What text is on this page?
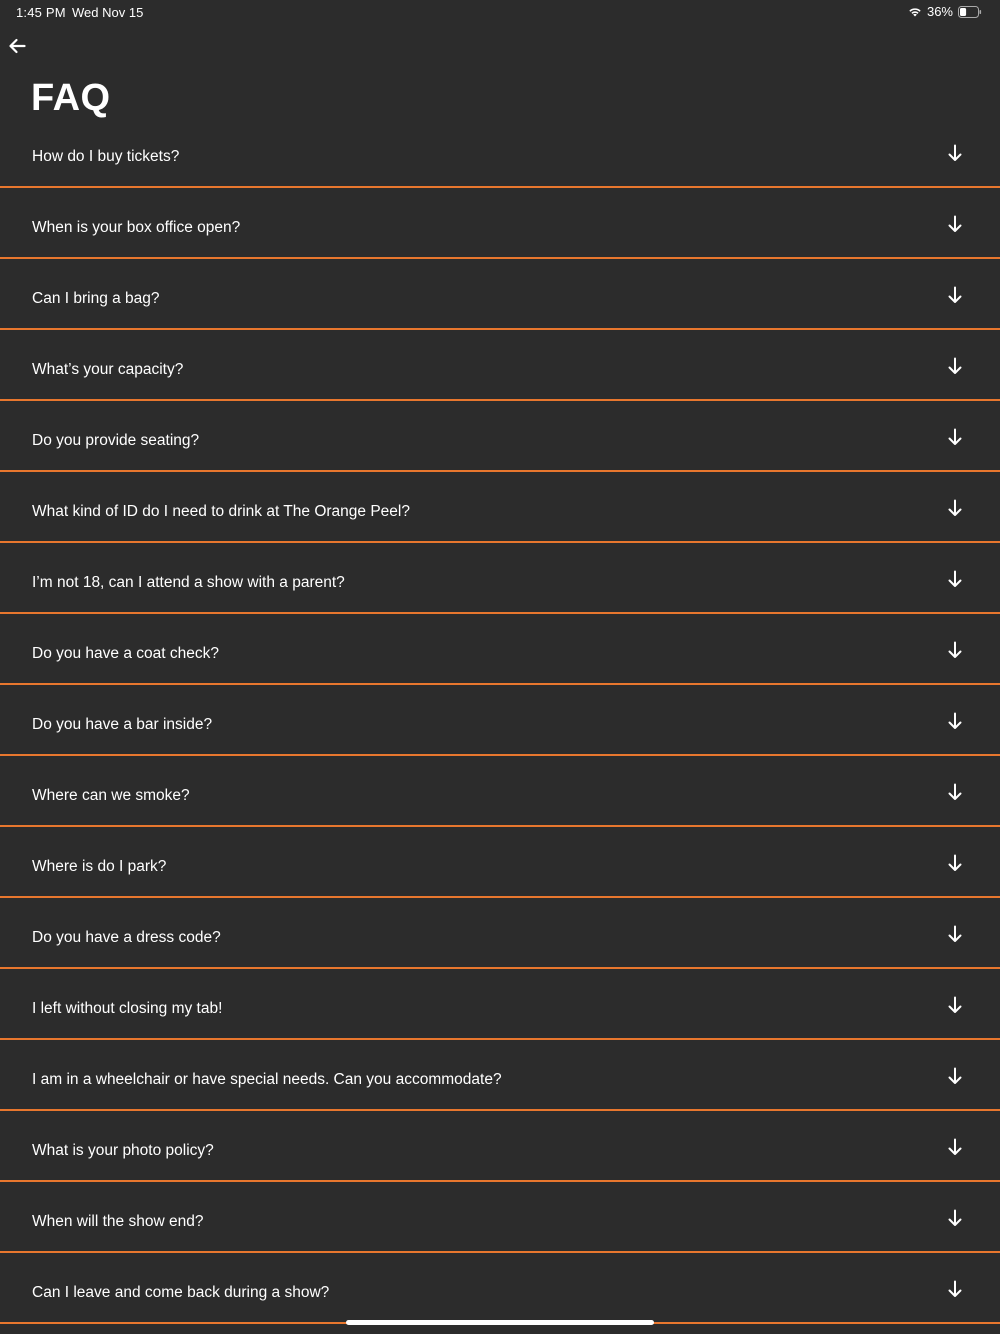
1:45 PM Wed Nov 15	36%
FAQ
How do I buy tickets?
When is your box office open?
Can I bring a bag?
What’s your capacity?
Do you provide seating?
What kind of ID do I need to drink at The Orange Peel?
I’m not 18, can I attend a show with a parent?
Do you have a coat check?
Do you have a bar inside?
Where can we smoke?
Where is do I park?
Do you have a dress code?
I left without closing my tab!
I am in a wheelchair or have special needs. Can you accommodate?
What is your photo policy?
When will the show end?
Can I leave and come back during a show?
